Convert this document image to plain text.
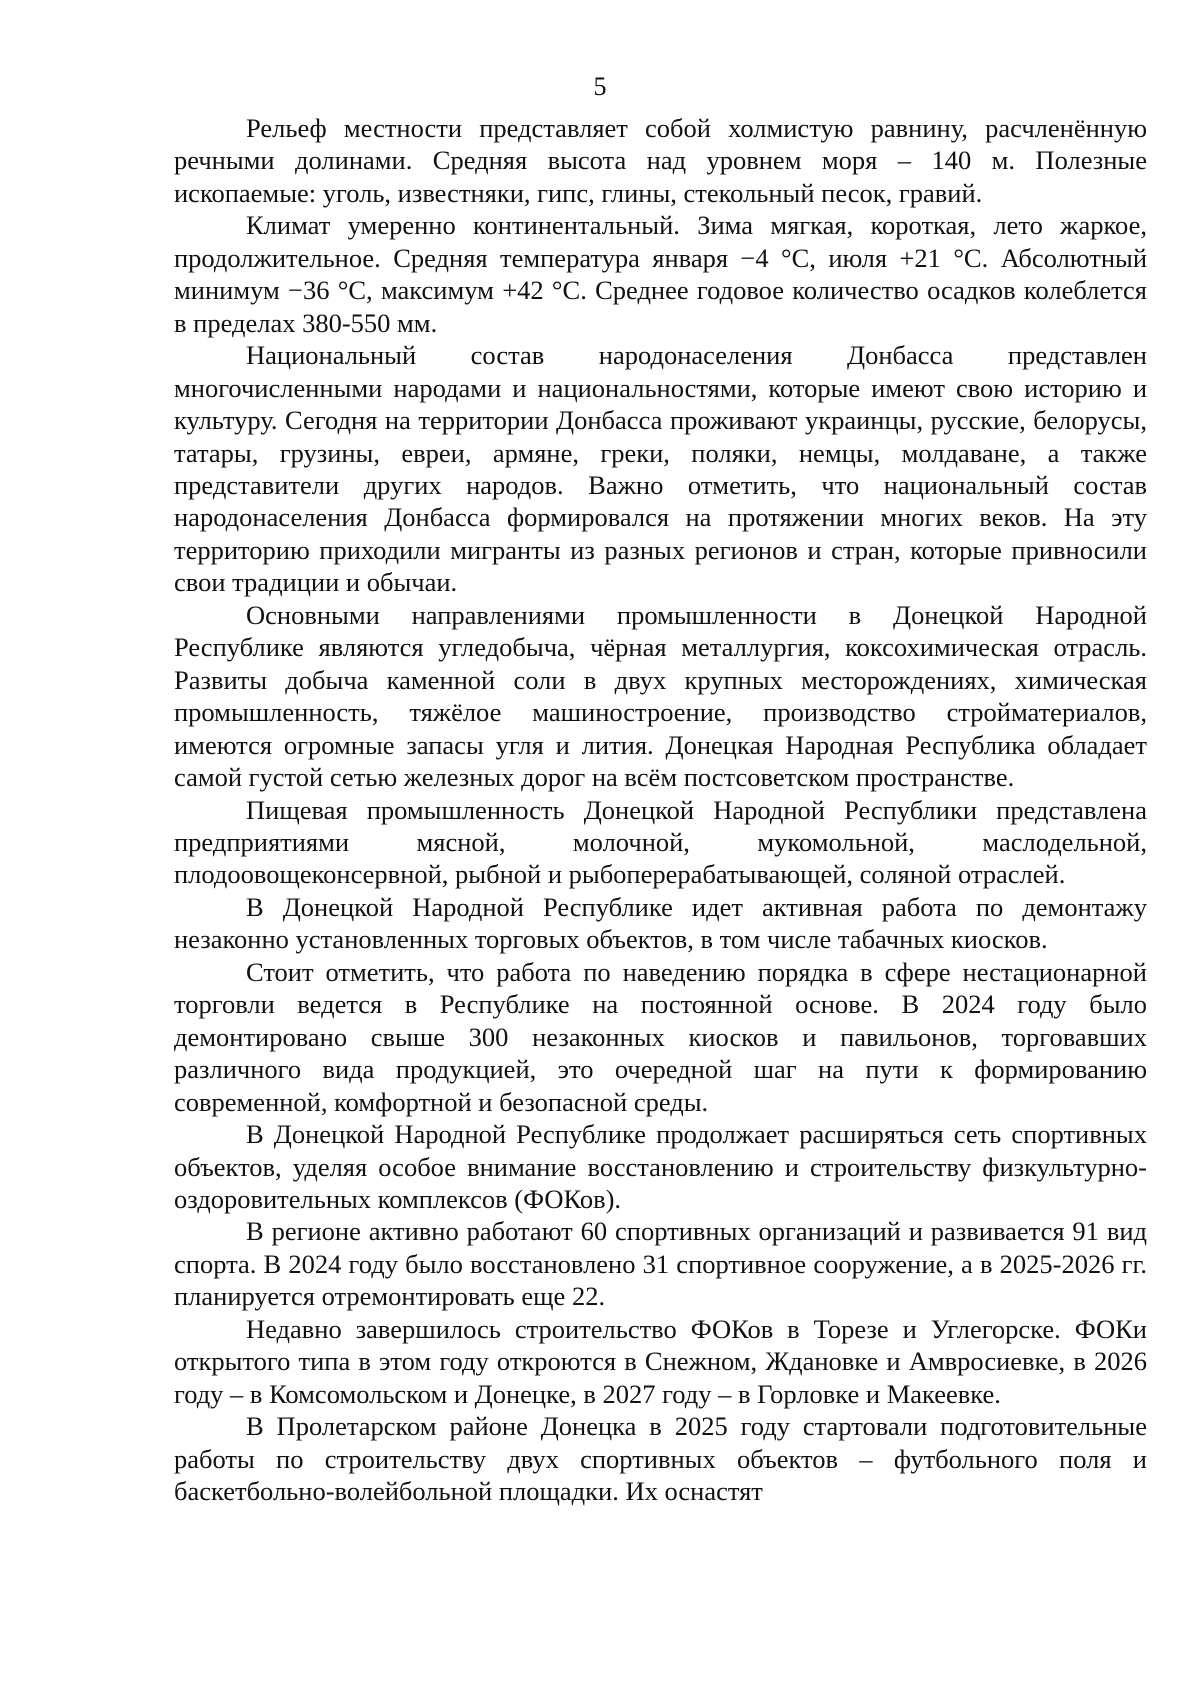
5

Рельеф местности представляет собой холмистую равнину, расчленённую речными долинами. Средняя высота над уровнем моря – 140 м. Полезные ископаемые: уголь, известняки, гипс, глины, стекольный песок, гравий.

Климат умеренно континентальный. Зима мягкая, короткая, лето жаркое, продолжительное. Средняя температура января −4 °С, июля +21 °С. Абсолютный минимум −36 °С, максимум +42 °С. Среднее годовое количество осадков колеблется в пределах 380-550 мм.

Национальный состав народонаселения Донбасса представлен многочисленными народами и национальностями, которые имеют свою историю и культуру. Сегодня на территории Донбасса проживают украинцы, русские, белорусы, татары, грузины, евреи, армяне, греки, поляки, немцы, молдаване, а также представители других народов. Важно отметить, что национальный состав народонаселения Донбасса формировался на протяжении многих веков. На эту территорию приходили мигранты из разных регионов и стран, которые привносили свои традиции и обычаи.

Основными направлениями промышленности в Донецкой Народной Республике являются угледобыча, чёрная металлургия, коксохимическая отрасль. Развиты добыча каменной соли в двух крупных месторождениях, химическая промышленность, тяжёлое машиностроение, производство стройматериалов, имеются огромные запасы угля и лития. Донецкая Народная Республика обладает самой густой сетью железных дорог на всём постсоветском пространстве.

Пищевая промышленность Донецкой Народной Республики представлена предприятиями мясной, молочной, мукомольной, маслодельной, плодоовощеконсервной, рыбной и рыбоперерабатывающей, соляной отраслей.

В Донецкой Народной Республике идет активная работа по демонтажу незаконно установленных торговых объектов, в том числе табачных киосков.

Стоит отметить, что работа по наведению порядка в сфере нестационарной торговли ведется в Республике на постоянной основе. В 2024 году было демонтировано свыше 300 незаконных киосков и павильонов, торговавших различного вида продукцией, это очередной шаг на пути к формированию современной, комфортной и безопасной среды.

В Донецкой Народной Республике продолжает расширяться сеть спортивных объектов, уделяя особое внимание восстановлению и строительству физкультурно-оздоровительных комплексов (ФОКов).

В регионе активно работают 60 спортивных организаций и развивается 91 вид спорта. В 2024 году было восстановлено 31 спортивное сооружение, а в 2025-2026 гг. планируется отремонтировать еще 22.

Недавно завершилось строительство ФОКов в Торезе и Углегорске. ФОКи открытого типа в этом году откроются в Снежном, Ждановке и Амвросиевке, в 2026 году – в Комсомольском и Донецке, в 2027 году – в Горловке и Макеевке.

В Пролетарском районе Донецка в 2025 году стартовали подготовительные работы по строительству двух спортивных объектов – футбольного поля и баскетбольно-волейбольной площадки. Их оснастят
